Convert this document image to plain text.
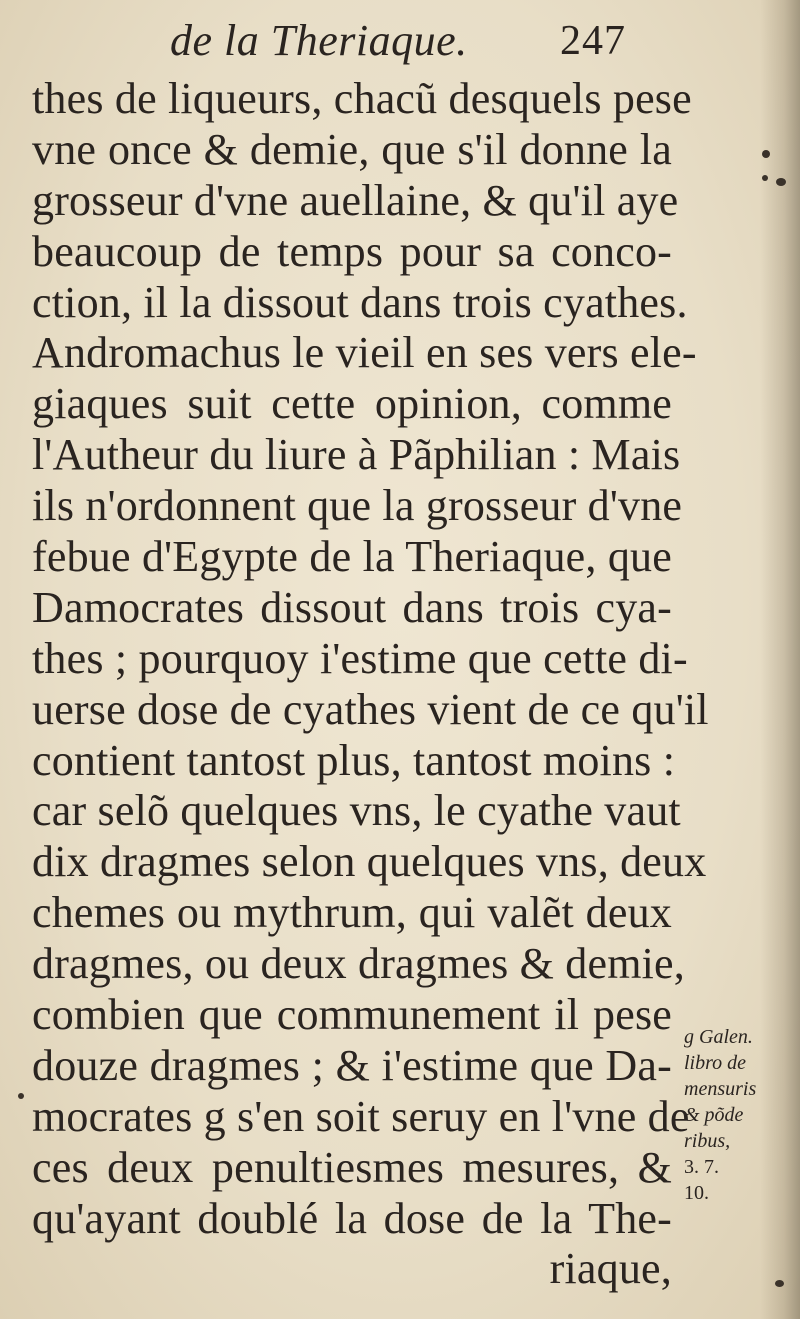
de la Theriaque. 247
thes de liqueurs, chacũ desquels pese
vne once & demie, que s'il donne la
grosseur d'vne auellaine, & qu'il aye
beaucoup de temps pour sa conco-
ction, il la dissout dans trois cyathes.
Andromachus le vieil en ses vers ele-
giaques suit cette opinion, comme
l'Autheur du liure à Pãphilian : Mais
ils n'ordonnent que la grosseur d'vne
febue d'Egypte de la Theriaque, que
Damocrates dissout dans trois cya-
thes ; pourquoy i'estime que cette di-
uerse dose de cyathes vient de ce qu'il
contient tantost plus, tantost moins :
car selõ quelques vns, le cyathe vaut
dix dragmes selon quelques vns, deux
chemes ou mythrum, qui valẽt deux
dragmes, ou deux dragmes & demie,
combien que communement il pese
douze dragmes ; & i'estime que Da-
mocrates g s'en soit seruy en l'vne de
ces deux penultiesmes mesures, &
qu'ayant doublé la dose de la The-
riaque,
g Galen.
libro de
mensuris
& põde
ribus,
3. 7.
10.
